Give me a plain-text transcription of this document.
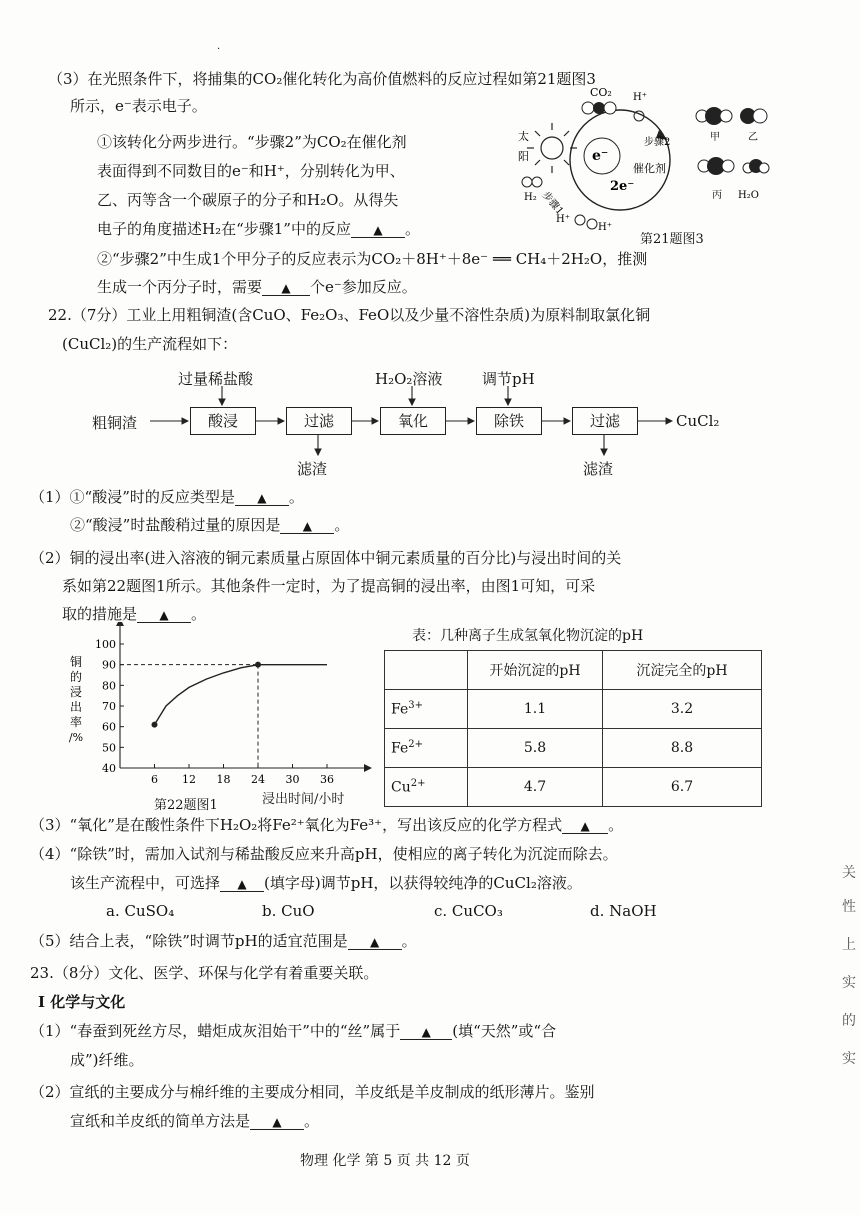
·
（3）在光照条件下，将捕集的CO₂催化转化为高价值燃料的反应过程如第21题图3
所示，e⁻表示电子。
①该转化分两步进行。“步骤2”为CO₂在催化剂
表面得到不同数目的e⁻和H⁺，分别转化为甲、
乙、丙等含一个碳原子的分子和H₂O。从得失
电子的角度描述H₂在“步骤1”中的反应 ▲ 。
②“步骤2”中生成1个甲分子的反应表示为CO₂＋8H⁺＋8e⁻ ══ CH₄＋2H₂O，推测
生成一个丙分子时，需要 ▲ 个e⁻参加反应。
太
阳	e⁻
2e⁻
催化剂
CO₂ H⁺
步骤2
步骤1
H₂
H⁺
H⁺
甲	乙
丙 H₂O
第21题图3
22.（7分）工业上用粗铜渣(含CuO、Fe₂O₃、FeO以及少量不溶性杂质)为原料制取氯化铜
(CuCl₂)的生产流程如下：
过量稀盐酸	H₂O₂溶液	调节pH
粗铜渣	酸浸	过滤	氧化	除铁	过滤
滤渣	滤渣
CuCl₂
（1）①“酸浸”时的反应类型是 ▲ 。
②“酸浸”时盐酸稍过量的原因是 ▲ 。
（2）铜的浸出率(进入溶液的铜元素质量占原固体中铜元素质量的百分比)与浸出时间的关
系如第22题图1所示。其他条件一定时，为了提高铜的浸出率，由图1可知，可采
取的措施是 ▲ 。
6 12 18 24 30 36
40
50
60
70
80
90
100
铜
的
浸
出
率
/%
第22题图1	浸出时间/小时
表：几种离子生成氢氧化物沉淀的pH
	开始沉淀的pH	沉淀完全的pH
$Fe^{3+}$	1.1	3.2
$Fe^{2+}$	5.8	8.8
$Cu^{2+}$	4.7	6.7
（3）“氧化”是在酸性条件下H₂O₂将Fe²⁺氧化为Fe³⁺，写出该反应的化学方程式 ▲ 。
（4）“除铁”时，需加入试剂与稀盐酸反应来升高pH，使相应的离子转化为沉淀而除去。
该生产流程中，可选择 ▲ (填字母)调节pH，以获得较纯净的CuCl₂溶液。
a. CuSO₄	b. CuO	c. CuCO₃	d. NaOH
（5）结合上表，“除铁”时调节pH的适宜范围是 ▲ 。
23.（8分）文化、医学、环保与化学有着重要关联。
Ⅰ 化学与文化
（1）“春蚕到死丝方尽，蜡炬成灰泪始干”中的“丝”属于 ▲ (填“天然”或“合
成”)纤维。
（2）宣纸的主要成分与棉纤维的主要成分相同，羊皮纸是羊皮制成的纸形薄片。鉴别
宣纸和羊皮纸的简单方法是 ▲ 。
物理 化学 第 5 页 共 12 页
关
性
上
实
的
实
